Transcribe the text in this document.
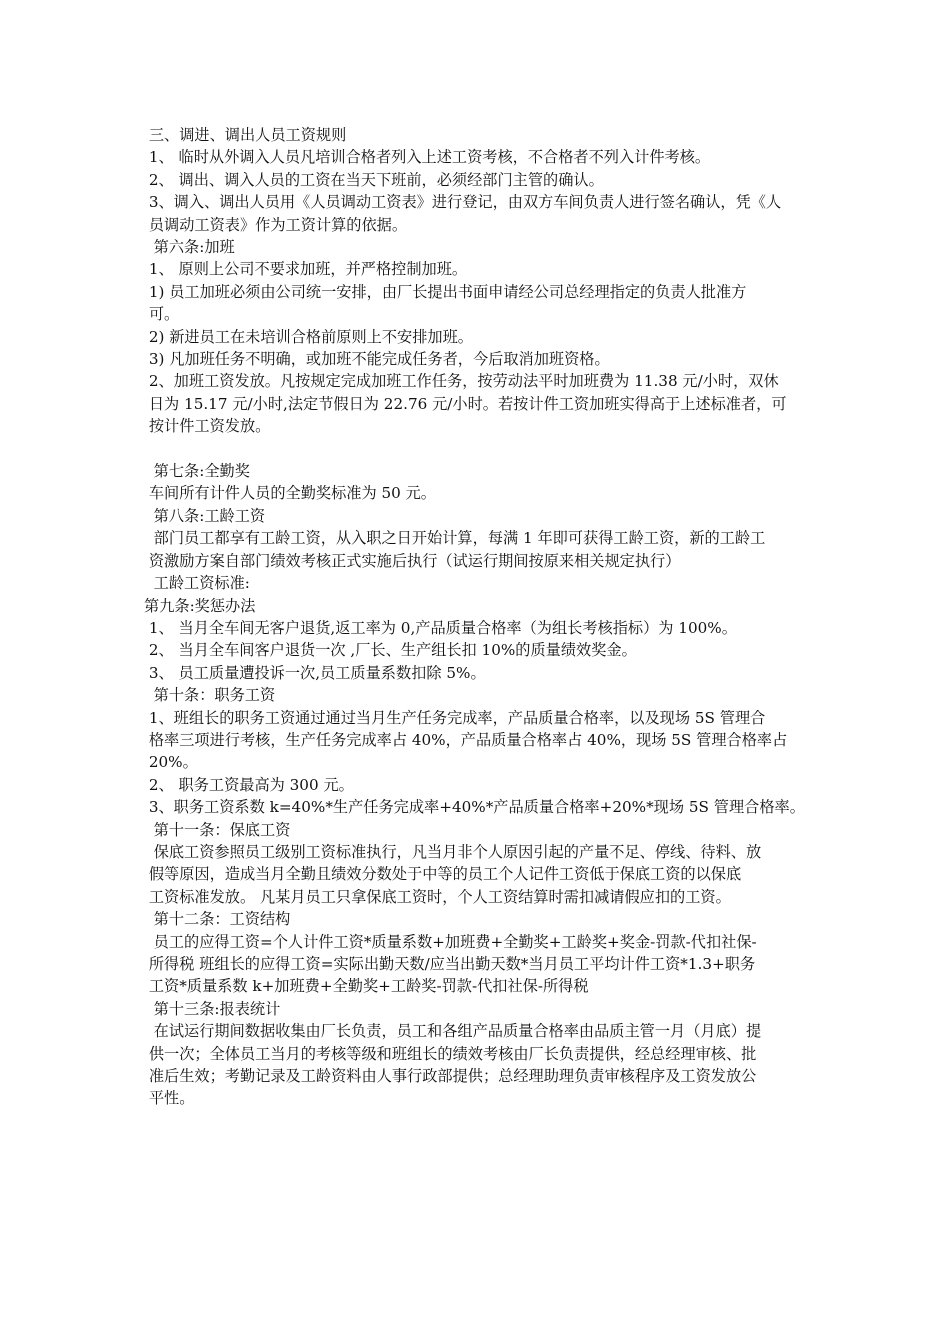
三、调进、调出人员工资规则
1、 临时从外调入人员凡培训合格者列入上述工资考核，不合格者不列入计件考核。
2、 调出、调入人员的工资在当天下班前，必须经部门主管的确认。
3、调入、调出人员用《人员调动工资表》进行登记，由双方车间负责人进行签名确认，凭《人
员调动工资表》作为工资计算的依据。
第六条:加班
1、 原则上公司不要求加班，并严格控制加班。
1) 员工加班必须由公司统一安排，由厂长提出书面申请经公司总经理指定的负责人批准方
可。
2) 新进员工在未培训合格前原则上不安排加班。
3) 凡加班任务不明确，或加班不能完成任务者，今后取消加班资格。
2、加班工资发放。凡按规定完成加班工作任务，按劳动法平时加班费为 11.38 元/小时，双休
日为 15.17 元/小时,法定节假日为 22.76 元/小时。若按计件工资加班实得高于上述标准者，可
按计件工资发放。
第七条:全勤奖
车间所有计件人员的全勤奖标准为 50 元。
第八条:工龄工资
部门员工都享有工龄工资，从入职之日开始计算，每满 1 年即可获得工龄工资，新的工龄工
资激励方案自部门绩效考核正式实施后执行（试运行期间按原来相关规定执行）
工龄工资标准:
第九条:奖惩办法
1、 当月全车间无客户退货,返工率为 0,产品质量合格率（为组长考核指标）为 100%。
2、 当月全车间客户退货一次 ,厂长、生产组长扣 10%的质量绩效奖金。
3、 员工质量遭投诉一次,员工质量系数扣除 5%。
第十条：职务工资
1、班组长的职务工资通过通过当月生产任务完成率，产品质量合格率，以及现场 5S 管理合
格率三项进行考核，生产任务完成率占 40%，产品质量合格率占 40%，现场 5S 管理合格率占
20%。
2、 职务工资最高为 300 元。
3、职务工资系数 k=40%*生产任务完成率+40%*产品质量合格率+20%*现场 5S 管理合格率。
第十一条：保底工资
保底工资参照员工级别工资标准执行，凡当月非个人原因引起的产量不足、停线、待料、放
假等原因，造成当月全勤且绩效分数处于中等的员工个人记件工资低于保底工资的以保底
工资标准发放。 凡某月员工只拿保底工资时，个人工资结算时需扣减请假应扣的工资。
第十二条：工资结构
员工的应得工资=个人计件工资*质量系数+加班费+全勤奖+工龄奖+奖金-罚款-代扣社保-
所得税 班组长的应得工资=实际出勤天数/应当出勤天数*当月员工平均计件工资*1.3+职务
工资*质量系数 k+加班费+全勤奖+工龄奖-罚款-代扣社保-所得税
第十三条:报表统计
在试运行期间数据收集由厂长负责，员工和各组产品质量合格率由品质主管一月（月底）提
供一次；全体员工当月的考核等级和班组长的绩效考核由厂长负责提供，经总经理审核、批
准后生效；考勤记录及工龄资料由人事行政部提供；总经理助理负责审核程序及工资发放公
平性。
